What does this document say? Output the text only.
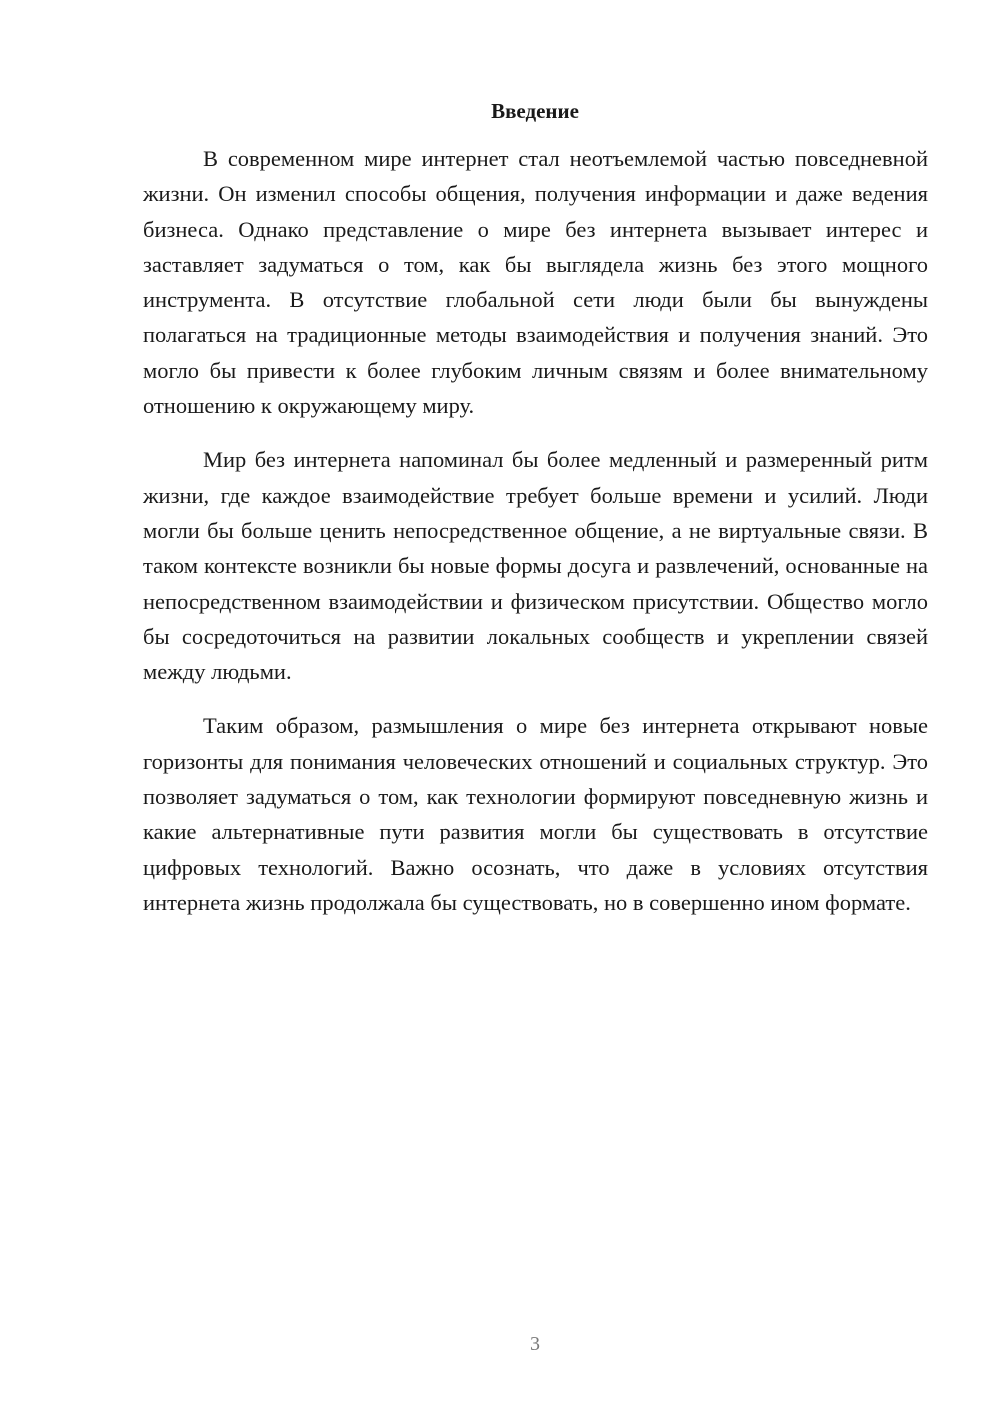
Введение

В современном мире интернет стал неотъемлемой частью повседневной жизни. Он изменил способы общения, получения информации и даже ведения бизнеса. Однако представление о мире без интернета вызывает интерес и заставляет задуматься о том, как бы выглядела жизнь без этого мощного инструмента. В отсутствие глобальной сети люди были бы вынуждены полагаться на традиционные методы взаимодействия и получения знаний. Это могло бы привести к более глубоким личным связям и более внимательному отношению к окружающему миру.

Мир без интернета напоминал бы более медленный и размеренный ритм жизни, где каждое взаимодействие требует больше времени и усилий. Люди могли бы больше ценить непосредственное общение, а не виртуальные связи. В таком контексте возникли бы новые формы досуга и развлечений, основанные на непосредственном взаимодействии и физическом присутствии. Общество могло бы сосредоточиться на развитии локальных сообществ и укреплении связей между людьми.

Таким образом, размышления о мире без интернета открывают новые горизонты для понимания человеческих отношений и социальных структур. Это позволяет задуматься о том, как технологии формируют повседневную жизнь и какие альтернативные пути развития могли бы существовать в отсутствие цифровых технологий. Важно осознать, что даже в условиях отсутствия интернета жизнь продолжала бы существовать, но в совершенно ином формате.

3
